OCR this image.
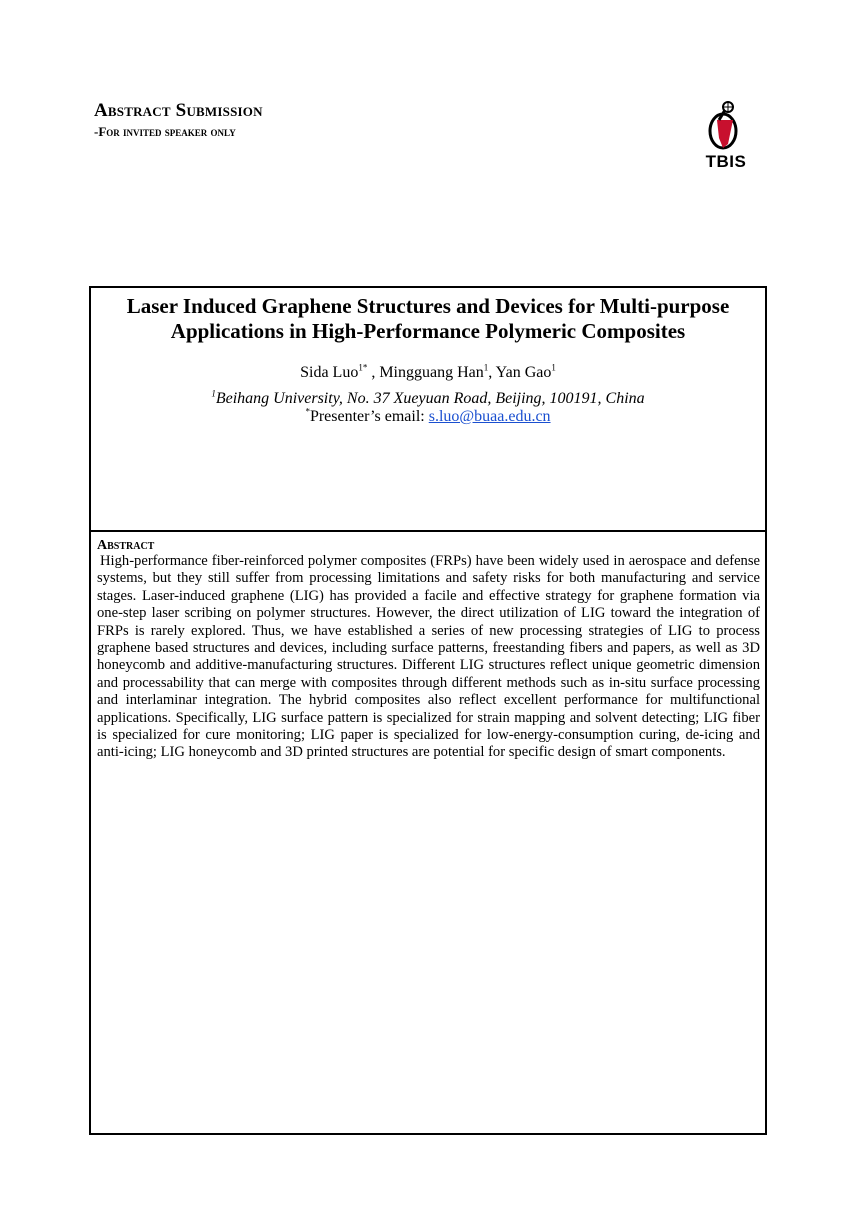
Abstract Submission
-For invited speaker only
TBIS
Laser Induced Graphene Structures and Devices for Multi-purpose Applications in High-Performance Polymeric Composites
Sida Luo$^{1*}$ , Mingguang Han$^1$, Yan Gao$^1$
$^1$Beihang University, No. 37 Xueyuan Road, Beijing, 100191, China
*Presenter’s email: s.luo@buaa.edu.cn
Abstract
High-performance fiber-reinforced polymer composites (FRPs) have been widely used in aerospace and defense systems, but they still suffer from processing limitations and safety risks for both manufacturing and service stages. Laser-induced graphene (LIG) has provided a facile and effective strategy for graphene formation via one-step laser scribing on polymer structures. However, the direct utilization of LIG toward the integration of FRPs is rarely explored. Thus, we have established a series of new processing strategies of LIG to process graphene based structures and devices, including surface patterns, freestanding fibers and papers, as well as 3D honeycomb and additive-manufacturing structures. Different LIG structures reflect unique geometric dimension and processability that can merge with composites through different methods such as in-situ surface processing and interlaminar integration. The hybrid composites also reflect excellent performance for multifunctional applications. Specifically, LIG surface pattern is specialized for strain mapping and solvent detecting; LIG fiber is specialized for cure monitoring; LIG paper is specialized for low-energy-consumption curing, de-icing and anti-icing; LIG honeycomb and 3D printed structures are potential for specific design of smart components.
